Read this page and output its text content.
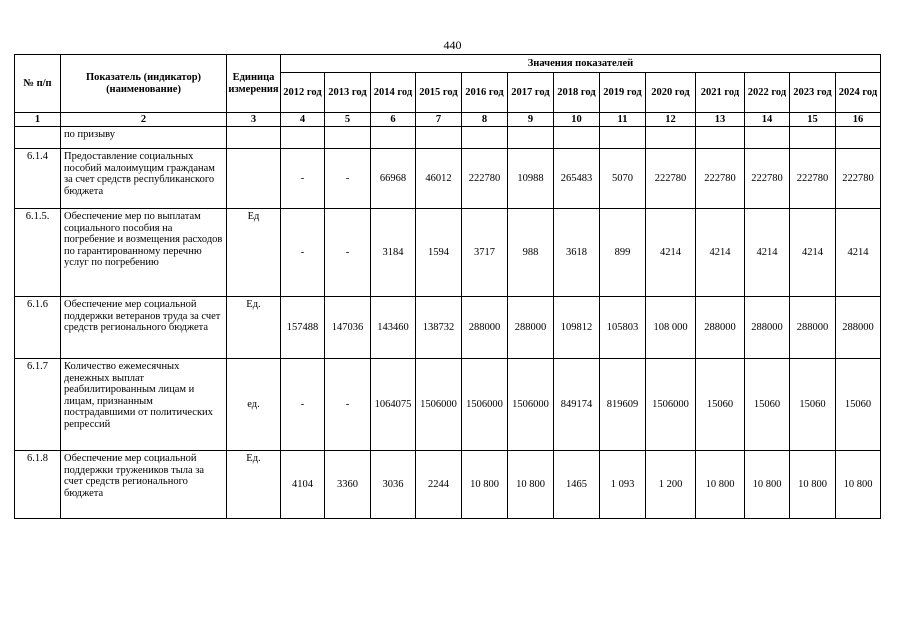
440
№ п/п	Показатель (индикатор) (наименование)	Единица измерения	Значения показателей												
			2012 год	2013 год	2014 год	2015 год	2016 год	2017 год	2018 год	2019 год	2020 год	2021 год	2022 год	2023 год	2024 год
1	2	3	4	5	6	7	8	9	10	11	12	13	14	15	16
	по призыву														
6.1.4	Предоставление социальных пособий малоимущим гражданам за счет средств республиканского бюджета		-	-	66968	46012	222780	10988	265483	5070	222780	222780	222780	222780	222780
6.1.5.	Обеспечение мер по выплатам социального пособия на погребение и возмещения расходов по гарантированному перечню услуг по погребению	Ед	-	-	3184	1594	3717	988	3618	899	4214	4214	4214	4214	4214
6.1.6	Обеспечение мер социальной поддержки ветеранов труда за счет средств регионального бюджета	Ед.	157488	147036	143460	138732	288000	288000	109812	105803	108 000	288000	288000	288000	288000
6.1.7	Количество ежемесячных денежных выплат реабилитированным лицам и лицам, признанным пострадавшими от политических репрессий	ед.	-	-	1064075	1506000	1506000	1506000	849174	819609	1506000	15060	15060	15060	15060
6.1.8	Обеспечение мер социальной поддержки тружеников тыла за счет средств регионального бюджета	Ед.	4104	3360	3036	2244	10 800	10 800	1465	1 093	1 200	10 800	10 800	10 800	10 800
